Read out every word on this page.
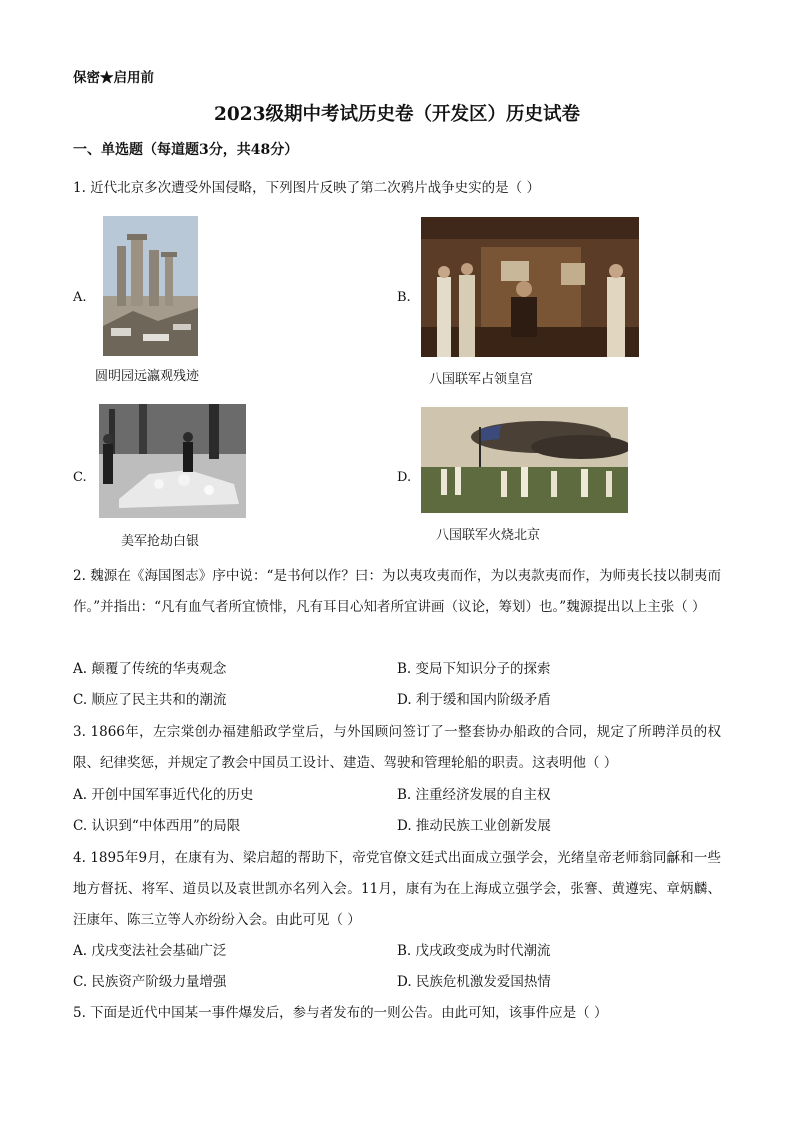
保密★启用前
2023级期中考试历史卷（开发区）历史试卷
一、单选题（每道题3分，共48分）
1. 近代北京多次遭受外国侵略，下列图片反映了第二次鸦片战争史实的是（ ）
A.
圆明园远瀛观残迹
B.
八国联军占领皇宫
C.
美军抢劫白银
D.
八国联军火烧北京
2. 魏源在《海国图志》序中说：“是书何以作？曰：为以夷攻夷而作，为以夷款夷而作，为师夷长技以制夷而作。”并指出：“凡有血气者所宜愤悱，凡有耳目心知者所宜讲画（议论，筹划）也。”魏源提出以上主张（ ）
A. 颠覆了传统的华夷观念	B. 变局下知识分子的探索
C. 顺应了民主共和的潮流	D. 利于缓和国内阶级矛盾
3. 1866年，左宗棠创办福建船政学堂后，与外国顾问签订了一整套协办船政的合同，规定了所聘洋员的权限、纪律奖惩，并规定了教会中国员工设计、建造、驾驶和管理轮船的职责。这表明他（ ）
A. 开创中国军事近代化的历史	B. 注重经济发展的自主权
C. 认识到“中体西用”的局限	D. 推动民族工业创新发展
4. 1895年9月，在康有为、梁启超的帮助下，帝党官僚文廷式出面成立强学会，光绪皇帝老师翁同龢和一些地方督抚、将军、道员以及袁世凯亦名列入会。11月，康有为在上海成立强学会，张謇、黄遵宪、章炳麟、汪康年、陈三立等人亦纷纷入会。由此可见（ ）
A. 戊戌变法社会基础广泛	B. 戊戌政变成为时代潮流
C. 民族资产阶级力量增强	D. 民族危机激发爱国热情
5. 下面是近代中国某一事件爆发后，参与者发布的一则公告。由此可知，该事件应是（ ）
